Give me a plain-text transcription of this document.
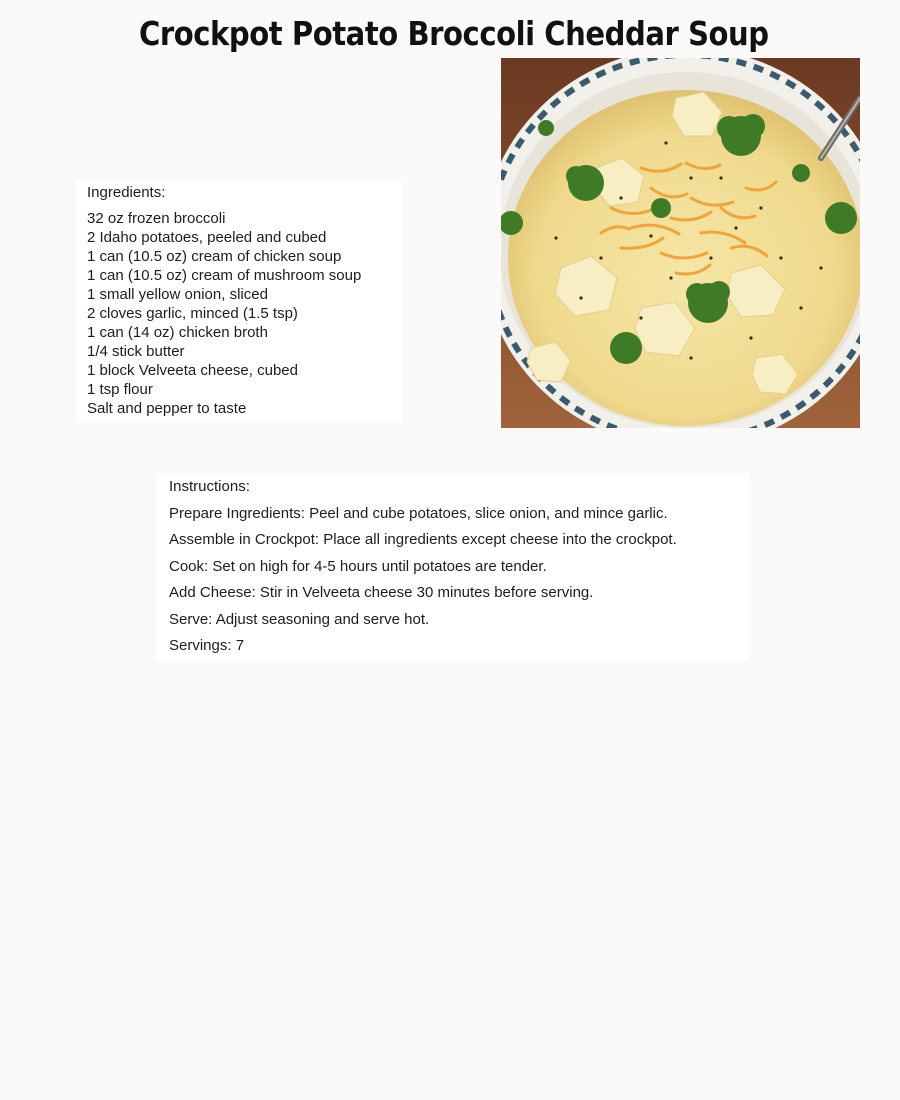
Crockpot Potato Broccoli Cheddar Soup
Ingredients:
32 oz frozen broccoli
2 Idaho potatoes, peeled and cubed
1 can (10.5 oz) cream of chicken soup
1 can (10.5 oz) cream of mushroom soup
1 small yellow onion, sliced
2 cloves garlic, minced (1.5 tsp)
1 can (14 oz) chicken broth
1/4 stick butter
1 block Velveeta cheese, cubed
1 tsp flour
Salt and pepper to taste
Instructions:
Prepare Ingredients: Peel and cube potatoes, slice onion, and mince garlic.
Assemble in Crockpot: Place all ingredients except cheese into the crockpot.
Cook: Set on high for 4-5 hours until potatoes are tender.
Add Cheese: Stir in Velveeta cheese 30 minutes before serving.
Serve: Adjust seasoning and serve hot.
Servings: 7
